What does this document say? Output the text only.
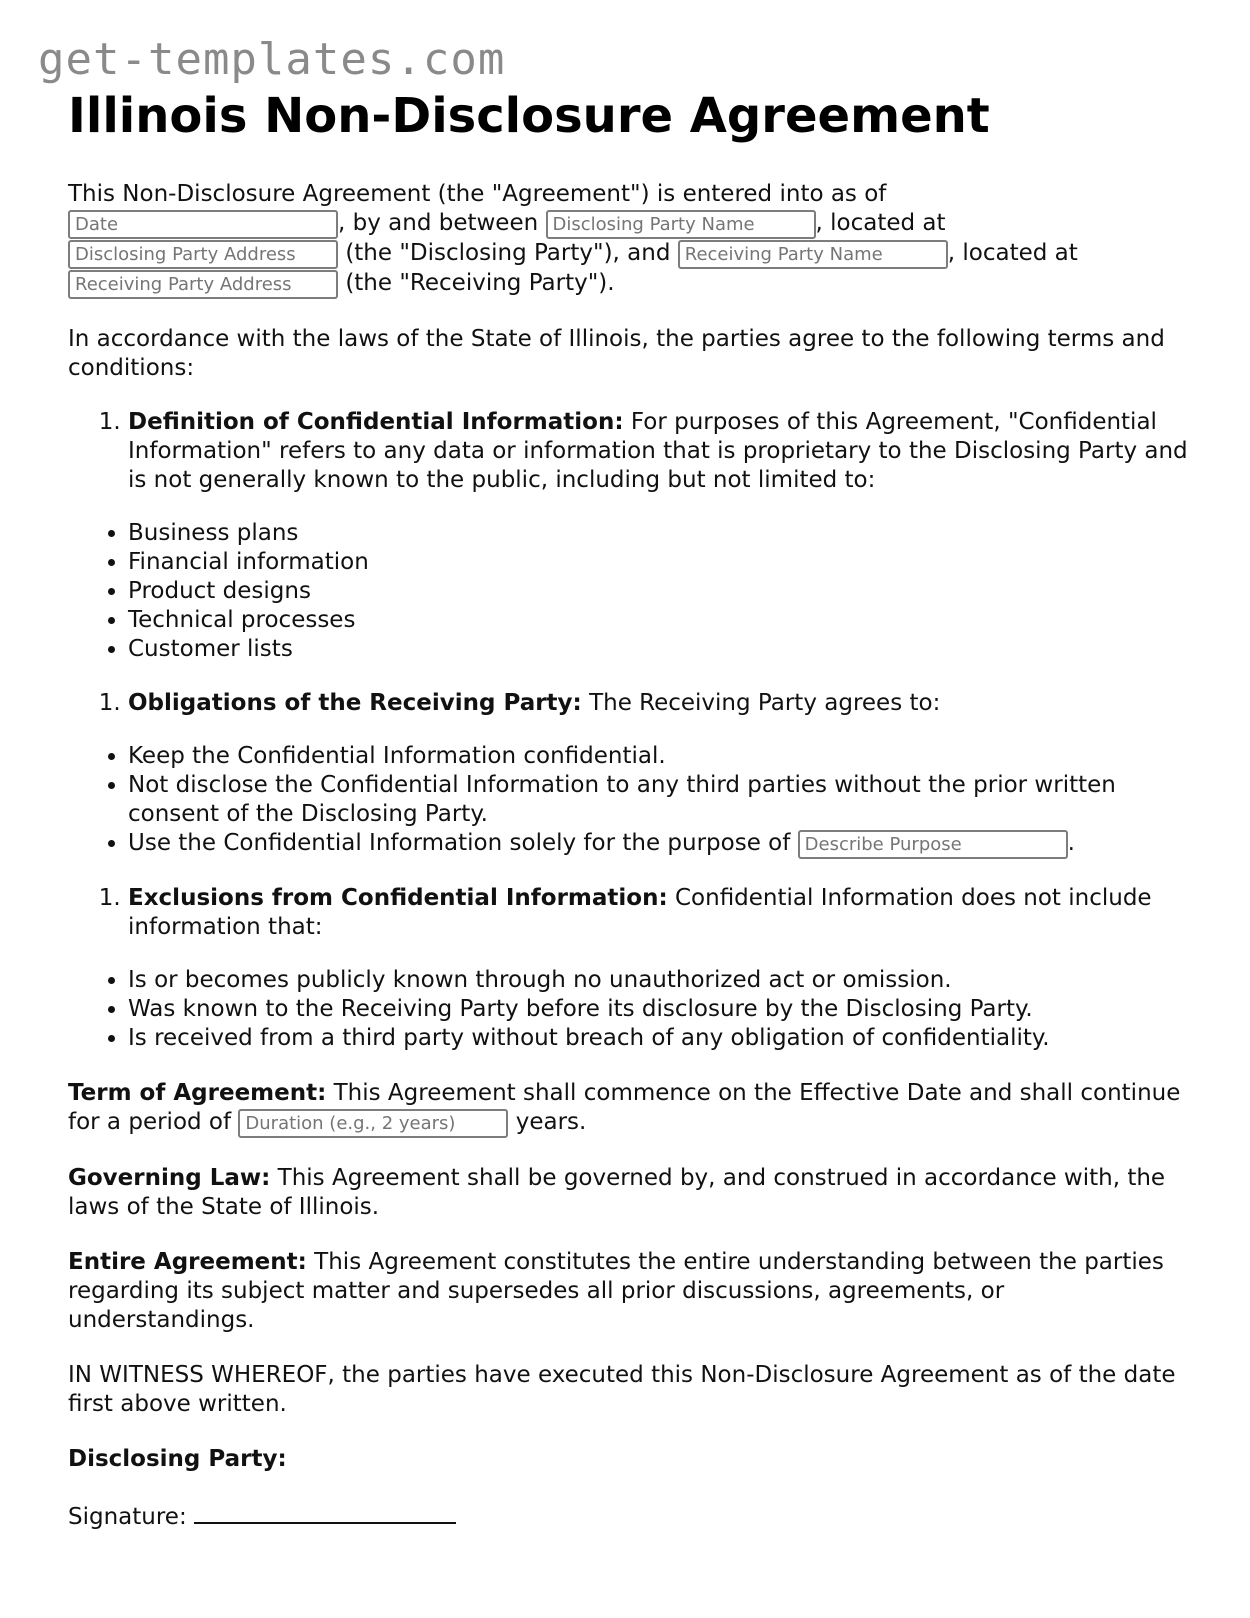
get-templates.com
Illinois Non-Disclosure Agreement

This Non-Disclosure Agreement (the "Agreement") is entered into as of
Date, by and between Disclosing Party Name	, located at
Disclosing Party Address (the "Disclosing Party"), and Receiving Party Name	, located at
Receiving Party Address (the "Receiving Party").

In accordance with the laws of the State of Illinois, the parties agree to the following terms and conditions:

1. Definition of Confidential Information: For purposes of this Agreement, "Confidential Information" refers to any data or information that is proprietary to the Disclosing Party and is not generally known to the public, including but not limited to:
• Business plans
• Financial information
• Product designs
• Technical processes
• Customer lists
1. Obligations of the Receiving Party: The Receiving Party agrees to:
• Keep the Confidential Information confidential.
• Not disclose the Confidential Information to any third parties without the prior written consent of the Disclosing Party.
• Use the Confidential Information solely for the purpose of Describe Purpose	.
1. Exclusions from Confidential Information: Confidential Information does not include information that:
• Is or becomes publicly known through no unauthorized act or omission.
• Was known to the Receiving Party before its disclosure by the Disclosing Party.
• Is received from a third party without breach of any obligation of confidentiality.

Term of Agreement: This Agreement shall commence on the Effective Date and shall continue for a period of Duration (e.g., 2 years)	years.

Governing Law: This Agreement shall be governed by, and construed in accordance with, the laws of the State of Illinois.

Entire Agreement: This Agreement constitutes the entire understanding between the parties regarding its subject matter and supersedes all prior discussions, agreements, or understandings.

IN WITNESS WHEREOF, the parties have executed this Non-Disclosure Agreement as of the date first above written.

Disclosing Party:

Signature:
